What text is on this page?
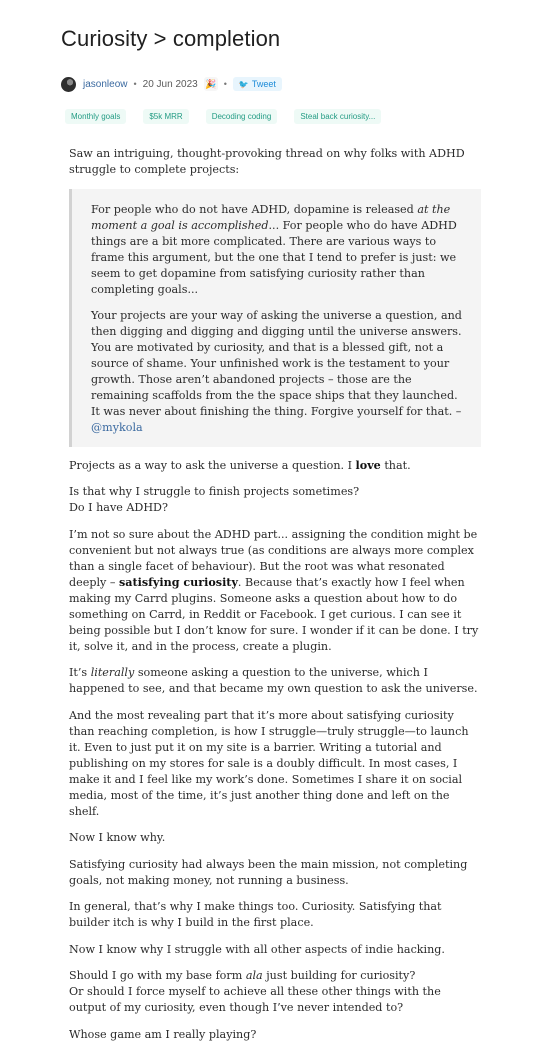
Curiosity > completion
jasonleow • 20 Jun 2023 🎉 • 🐦 Tweet
Monthly goals	$5k MRR	Decoding coding	Steal back curiosity...

Saw an intriguing, thought-provoking thread on why folks with ADHD struggle to complete projects:

For people who do not have ADHD, dopamine is released at the moment a goal is accomplished... For people who do have ADHD things are a bit more complicated. There are various ways to frame this argument, but the one that I tend to prefer is just: we seem to get dopamine from satisfying curiosity rather than completing goals...

Your projects are your way of asking the universe a question, and then digging and digging and digging until the universe answers. You are motivated by curiosity, and that is a blessed gift, not a source of shame. Your unfinished work is the testament to your growth. Those aren’t abandoned projects – those are the remaining scaffolds from the the space ships that they launched. It was never about finishing the thing. Forgive yourself for that. – @mykola

Projects as a way to ask the universe a question. I love that.

Is that why I struggle to finish projects sometimes?
Do I have ADHD?

I’m not so sure about the ADHD part... assigning the condition might be convenient but not always true (as conditions are always more complex than a single facet of behaviour). But the root was what resonated deeply – satisfying curiosity. Because that’s exactly how I feel when making my Carrd plugins. Someone asks a question about how to do something on Carrd, in Reddit or Facebook. I get curious. I can see it being possible but I don’t know for sure. I wonder if it can be done. I try it, solve it, and in the process, create a plugin.

It’s literally someone asking a question to the universe, which I happened to see, and that became my own question to ask the universe.

And the most revealing part that it’s more about satisfying curiosity than reaching completion, is how I struggle—truly struggle—to launch it. Even to just put it on my site is a barrier. Writing a tutorial and publishing on my stores for sale is a doubly difficult. In most cases, I make it and I feel like my work’s done. Sometimes I share it on social media, most of the time, it’s just another thing done and left on the shelf.

Now I know why.

Satisfying curiosity had always been the main mission, not completing goals, not making money, not running a business.

In general, that’s why I make things too. Curiosity. Satisfying that builder itch is why I build in the first place.

Now I know why I struggle with all other aspects of indie hacking.

Should I go with my base form ala just building for curiosity?
Or should I force myself to achieve all these other things with the output of my curiosity, even though I’ve never intended to?

Whose game am I really playing?
